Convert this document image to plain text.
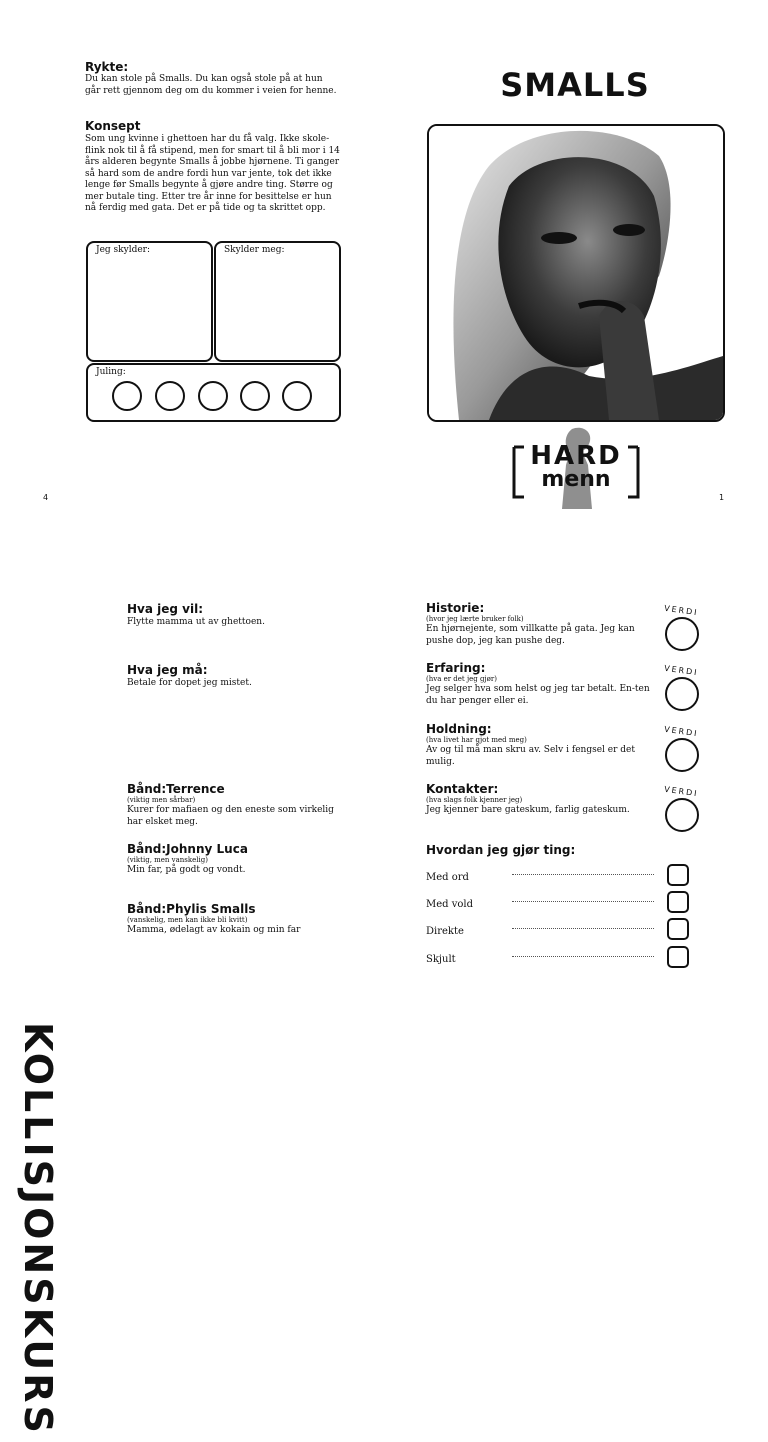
Rykte:
Du kan stole på Smalls. Du kan også stole på at hun går rett gjennom deg om du kommer i veien for henne.
Konsept
Som ung kvinne i ghettoen har du få valg. Ikke skole-flink nok til å få stipend, men for smart til å bli mor i 14 års alderen begynte Smalls å jobbe hjørnene. Ti ganger så hard som de andre fordi hun var jente, tok det ikke lenge før Smalls begynte å gjøre andre ting. Større og mer butale ting. Etter tre år inne for besittelse er hun nå ferdig med gata. Det er på tide og ta skrittet opp.
Jeg skylder:	Skylder meg:
Juling:
4
SMALLS
HARD
menn
1
KOLLISJONSKURS
Hva jeg vil:
Flytte mamma ut av ghettoen.
Hva jeg må:
Betale for dopet jeg mistet.
Bånd:Terrence
(viktig men sårbar)
Kurer for mafiaen og den eneste som virkelig har elsket meg.
Bånd:Johnny Luca
(viktig, men vanskelig)
Min far, på godt og vondt.
Bånd:Phylis Smalls
(vanskelig, men kan ikke bli kvitt)
Mamma, ødelagt av kokain og min far
Historie:
(hvor jeg lærte bruker folk)
En hjørnejente, som villkatte på gata. Jeg kan pushe dop, jeg kan pushe deg.
Erfaring:
(hva er det jeg gjør)
Jeg selger hva som helst og jeg tar betalt. En-ten du har penger eller ei.
Holdning:
(hva livet har gjot med meg)
Av og til må man skru av. Selv i fengsel er det mulig.
Kontakter:
(hva slags folk kjenner jeg)
Jeg kjenner bare gateskum, farlig gateskum.
VERDI
VERDI
VERDI
VERDI
Hvordan jeg gjør ting:
Med ord
Med vold
Direkte
Skjult
